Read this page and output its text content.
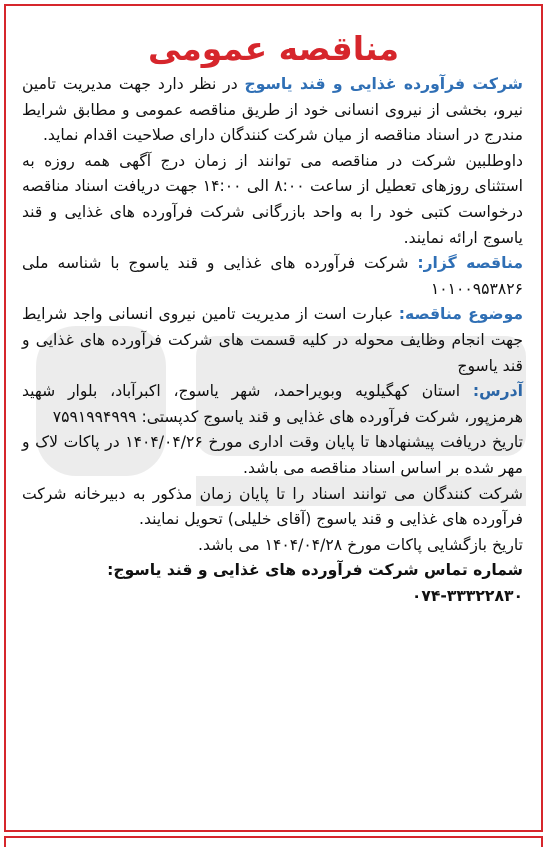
مناقصه عمومی

شرکت فرآورده غذایی و قند یاسوج در نظر دارد جهت مدیریت تامین نیرو، بخشی از نیروی انسانی خود از طریق مناقصه عمومی و مطابق شرایط مندرج در اسناد مناقصه از میان شرکت کنندگان دارای صلاحیت اقدام نماید.

داوطلبین شرکت در مناقصه می توانند از زمان درج آگهی همه روزه به استثنای روزهای تعطیل از ساعت ۸:۰۰ الی ۱۴:۰۰ جهت دریافت اسناد مناقصه درخواست کتبی خود را به واحد بازرگانی شرکت فرآورده های غذایی و قند یاسوج ارائه نمایند.

مناقصه گزار: شرکت فرآورده های غذایی و قند یاسوج با شناسه ملی ۱۰۱۰۰۹۵۳۸۲۶

موضوع مناقصه: عبارت است از مدیریت تامین نیروی انسانی واجد شرایط جهت انجام وظایف محوله در کلیه قسمت های شرکت فرآورده های غذایی و قند یاسوج

آدرس: استان کهگیلویه وبویراحمد، شهر یاسوج، اکبرآباد، بلوار شهید هرمزپور، شرکت فرآورده های غذایی و قند یاسوج کدپستی: ۷۵۹۱۹۹۴۹۹۹

تاریخ دریافت پیشنهادها تا پایان وقت اداری مورخ ۱۴۰۴/۰۴/۲۶ در پاکات لاک و مهر شده بر اساس اسناد مناقصه می باشد.

شرکت کنندگان می توانند اسناد را تا پایان زمان مذکور به دبیرخانه شرکت فرآورده های غذایی و قند یاسوج (آقای خلیلی) تحویل نمایند.

تاریخ بازگشایی پاکات مورخ ۱۴۰۴/۰۴/۲۸ می باشد.

شماره تماس شرکت فرآورده های غذایی و قند یاسوج:

۰۷۴-۳۳۳۲۲۸۳۰
